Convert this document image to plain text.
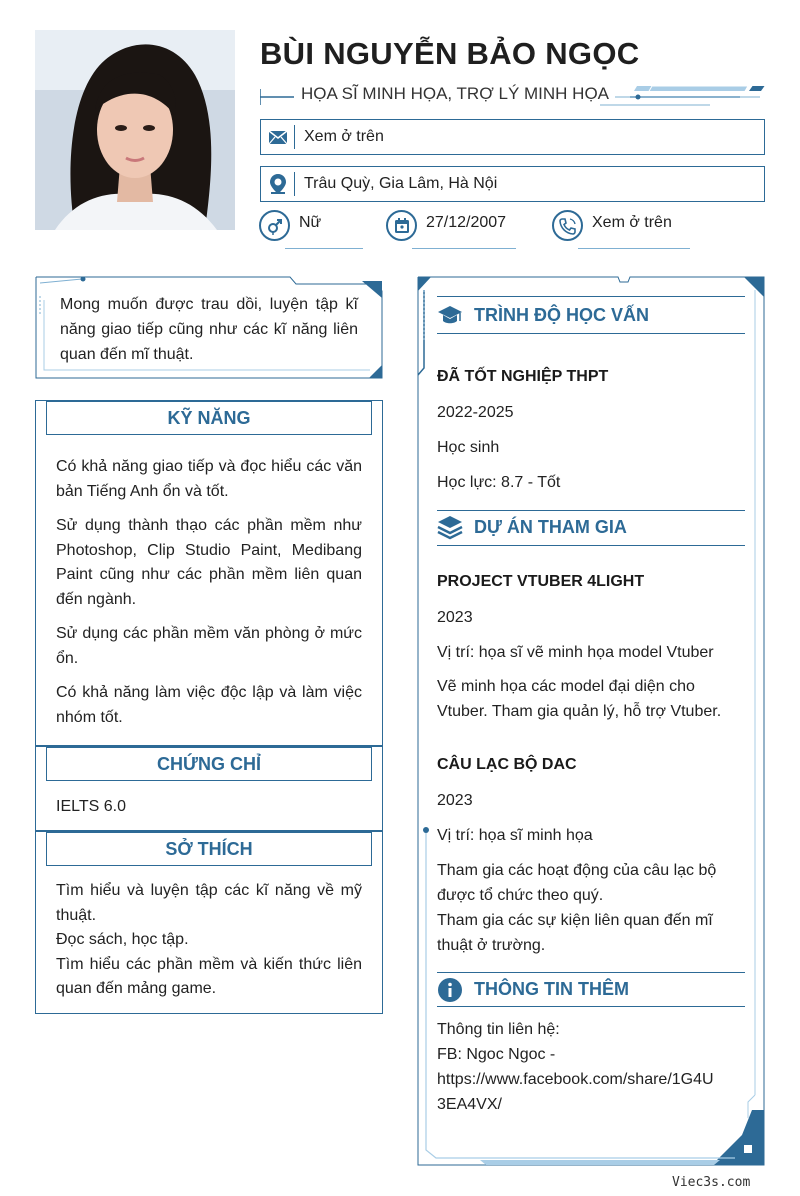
BÙI NGUYỄN BẢO NGỌC
HỌA SĨ MINH HỌA, TRỢ LÝ MINH HỌA
Xem ở trên
Trâu Quỳ, Gia Lâm, Hà Nội
Nữ	27/12/2007	Xem ở trên
Mong muốn được trau dồi, luyện tập kĩ năng giao tiếp cũng như các kĩ năng liên quan đến mĩ thuật.
KỸ NĂNG

Có khả năng giao tiếp và đọc hiểu các văn bản Tiếng Anh ổn và tốt.

Sử dụng thành thạo các phần mềm như Photoshop, Clip Studio Paint, Medibang Paint cũng như các phần mềm liên quan đến ngành.

Sử dụng các phần mềm văn phòng ở mức ổn.

Có khả năng làm việc độc lập và làm việc nhóm tốt.

CHỨNG CHỈ
IELTS 6.0
SỞ THÍCH
Tìm hiểu và luyện tập các kĩ năng về mỹ thuật.
Đọc sách, học tập.
Tìm hiểu các phần mềm và kiến thức liên quan đến mảng game.
TRÌNH ĐỘ HỌC VẤN
ĐÃ TỐT NGHIỆP THPT
2022-2025
Học sinh
Học lực: 8.7 - Tốt
DỰ ÁN THAM GIA
PROJECT VTUBER 4LIGHT
2023
Vị trí: họa sĩ vẽ minh họa model Vtuber
Vẽ minh họa các model đại diện cho Vtuber. Tham gia quản lý, hỗ trợ Vtuber.
CÂU LẠC BỘ DAC
2023
Vị trí: họa sĩ minh họa
Tham gia các hoạt động của câu lạc bộ được tổ chức theo quý.
Tham gia các sự kiện liên quan đến mĩ thuật ở trường.
THÔNG TIN THÊM
Thông tin liên hệ:
FB: Ngoc Ngoc -
https://www.facebook.com/share/1G4U
3EA4VX/
Viec3s.com
